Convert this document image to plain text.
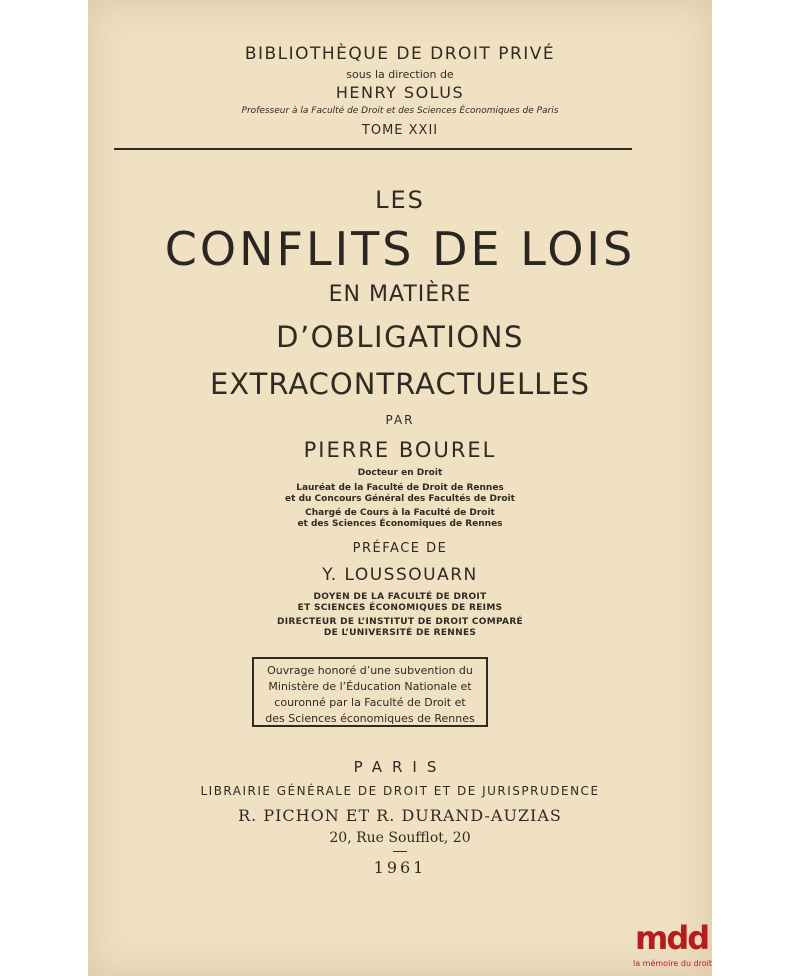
BIBLIOTHÈQUE DE DROIT PRIVÉ
sous la direction de
HENRY SOLUS
Professeur à la Faculté de Droit et des Sciences Économiques de Paris
TOME XXII
LES
CONFLITS DE LOIS
EN MATIÈRE
D’OBLIGATIONS
EXTRACONTRACTUELLES
PAR
PIERRE BOUREL
Docteur en Droit
Lauréat de la Faculté de Droit de Rennes
et du Concours Général des Facultés de Droit
Chargé de Cours à la Faculté de Droit
et des Sciences Économiques de Rennes
PRÉFACE DE
Y. LOUSSOUARN
DOYEN DE LA FACULTÉ DE DROIT
ET SCIENCES ÉCONOMIQUES DE REIMS
DIRECTEUR DE L’INSTITUT DE DROIT COMPARÉ
DE L’UNIVERSITÉ DE RENNES
Ouvrage honoré d’une subvention du
Ministère de l’Éducation Nationale et
couronné par la Faculté de Droit et
des Sciences économiques de Rennes
PARIS
LIBRAIRIE GÉNÉRALE DE DROIT ET DE JURISPRUDENCE
R. PICHON ET R. DURAND-AUZIAS
20, Rue Soufflot, 20
1961
mdd
la mémoire du droit
